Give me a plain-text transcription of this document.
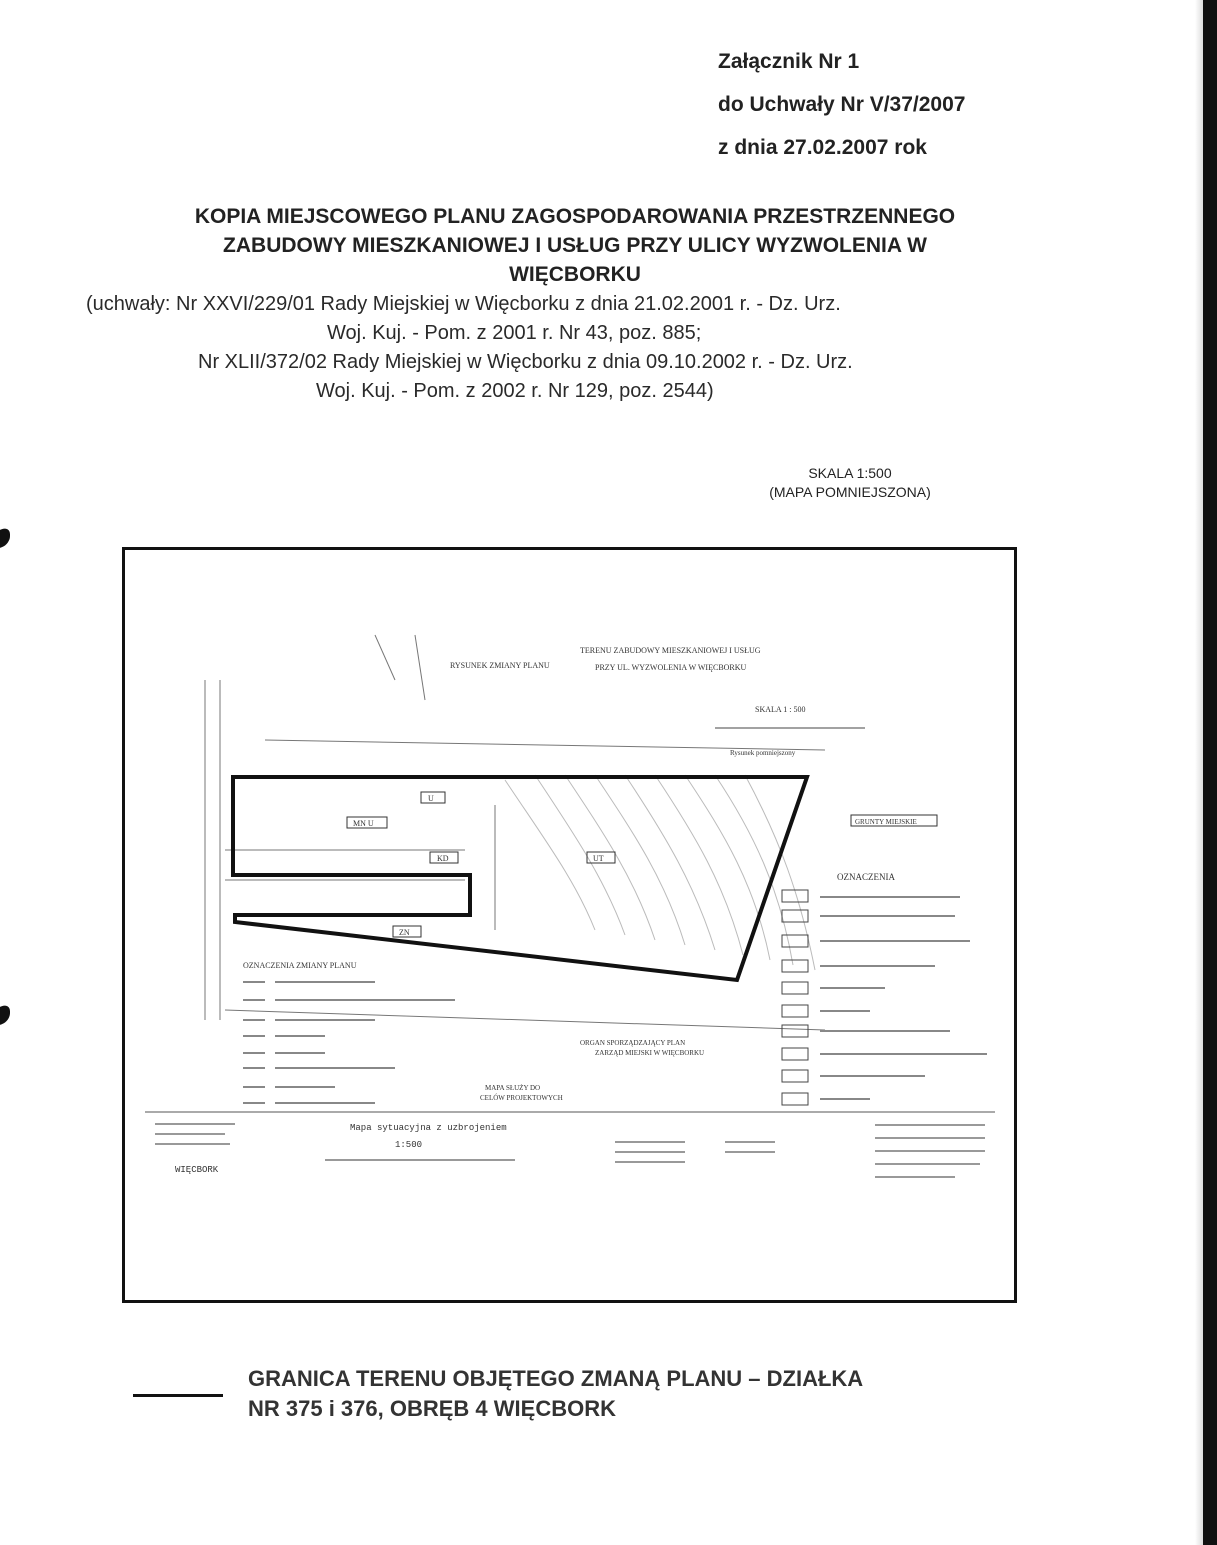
Załącznik Nr 1
do Uchwały Nr V/37/2007
z dnia 27.02.2007 rok
KOPIA MIEJSCOWEGO PLANU ZAGOSPODAROWANIA PRZESTRZENNEGO
ZABUDOWY MIESZKANIOWEJ I USŁUG PRZY ULICY WYZWOLENIA W
WIĘCBORKU
(uchwały: Nr XXVI/229/01 Rady Miejskiej w Więcborku z dnia 21.02.2001 r. - Dz. Urz.
Woj. Kuj. - Pom. z 2001 r. Nr 43, poz. 885;
Nr XLII/372/02 Rady Miejskiej w Więcborku z dnia 09.10.2002 r. - Dz. Urz.
Woj. Kuj. - Pom. z 2002 r. Nr 129, poz. 2544)
SKALA 1:500
(MAPA POMNIEJSZONA)
RYSUNEK ZMIANY PLANU
TERENU ZABUDOWY MIESZKANIOWEJ I USŁUG
PRZY UL. WYZWOLENIA W WIĘCBORKU
SKALA 1 : 500
Rysunek pomniejszony
MN U
KD	UT
ZN
U
GRUNTY MIEJSKIE
OZNACZENIA
OZNACZENIA ZMIANY PLANU
ORGAN SPORZĄDZAJĄCY PLAN
ZARZĄD MIEJSKI W WIĘCBORKU
MAPA SŁUŻY DO
CELÓW PROJEKTOWYCH
Mapa sytuacyjna z uzbrojeniem
1:500
WIĘCBORK
GRANICA TERENU OBJĘTEGO ZMANĄ PLANU – DZIAŁKA
NR 375 i 376, OBRĘB 4 WIĘCBORK
